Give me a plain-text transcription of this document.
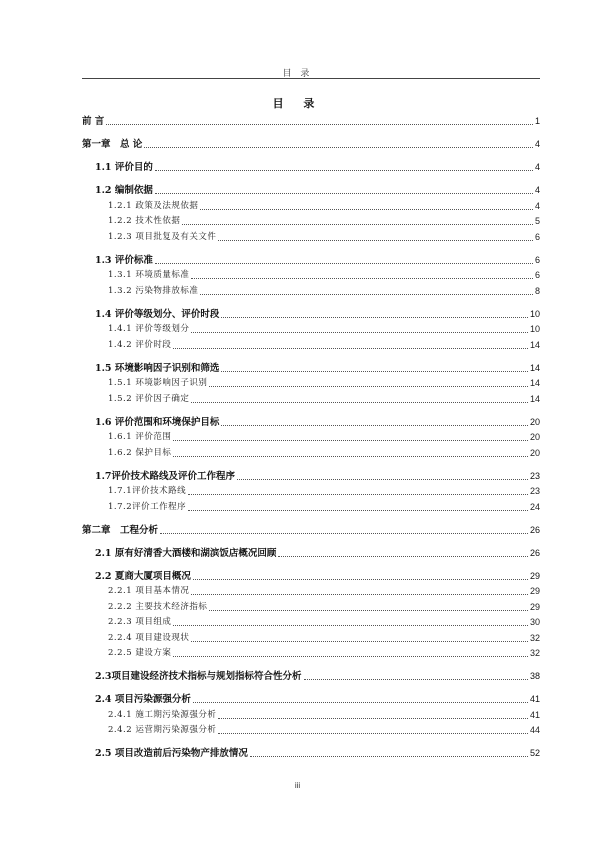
目 录
目 录
前 言	1
第一章　总 论	4
1.1 评价目的	4
1.2 编制依据	4
1.2.1 政策及法规依据	4
1.2.2 技术性依据	5
1.2.3 项目批复及有关文件	6
1.3 评价标准	6
1.3.1 环境质量标准	6
1.3.2 污染物排放标准	8
1.4 评价等级划分、评价时段	10
1.4.1 评价等级划分	10
1.4.2 评价时段	14
1.5 环境影响因子识别和筛选	14
1.5.1 环境影响因子识别	14
1.5.2 评价因子确定	14
1.6 评价范围和环境保护目标	20
1.6.1 评价范围	20
1.6.2 保护目标	20
1.7评价技术路线及评价工作程序	23
1.7.1评价技术路线	23
1.7.2评价工作程序	24
第二章　工程分析	26
2.1 原有好清香大酒楼和湖滨饭店概况回顾	26
2.2 夏商大厦项目概况	29
2.2.1 项目基本情况	29
2.2.2 主要技术经济指标	29
2.2.3 项目组成	30
2.2.4 项目建设现状	32
2.2.5 建设方案	32
2.3项目建设经济技术指标与规划指标符合性分析	38
2.4 项目污染源强分析	41
2.4.1 施工期污染源强分析	41
2.4.2 运营期污染源强分析	44
2.5 项目改造前后污染物产排放情况	52
iii
